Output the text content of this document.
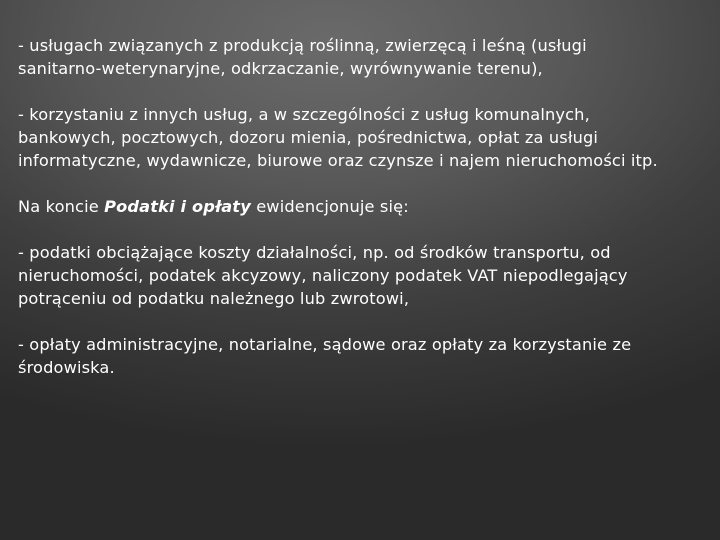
- usługach związanych z produkcją roślinną, zwierzęcą i leśną (usługi
sanitarno-weterynaryjne, odkrzaczanie, wyrównywanie terenu),

- korzystaniu z innych usług, a w szczególności z usług komunalnych,
bankowych, pocztowych, dozoru mienia, pośrednictwa, opłat za usługi
informatyczne, wydawnicze, biurowe oraz czynsze i najem nieruchomości itp.

Na koncie Podatki i opłaty ewidencjonuje się:

- podatki obciążające koszty działalności, np. od środków transportu, od
nieruchomości, podatek akcyzowy, naliczony podatek VAT niepodlegający
potrąceniu od podatku należnego lub zwrotowi,

- opłaty administracyjne, notarialne, sądowe oraz opłaty za korzystanie ze
środowiska.
